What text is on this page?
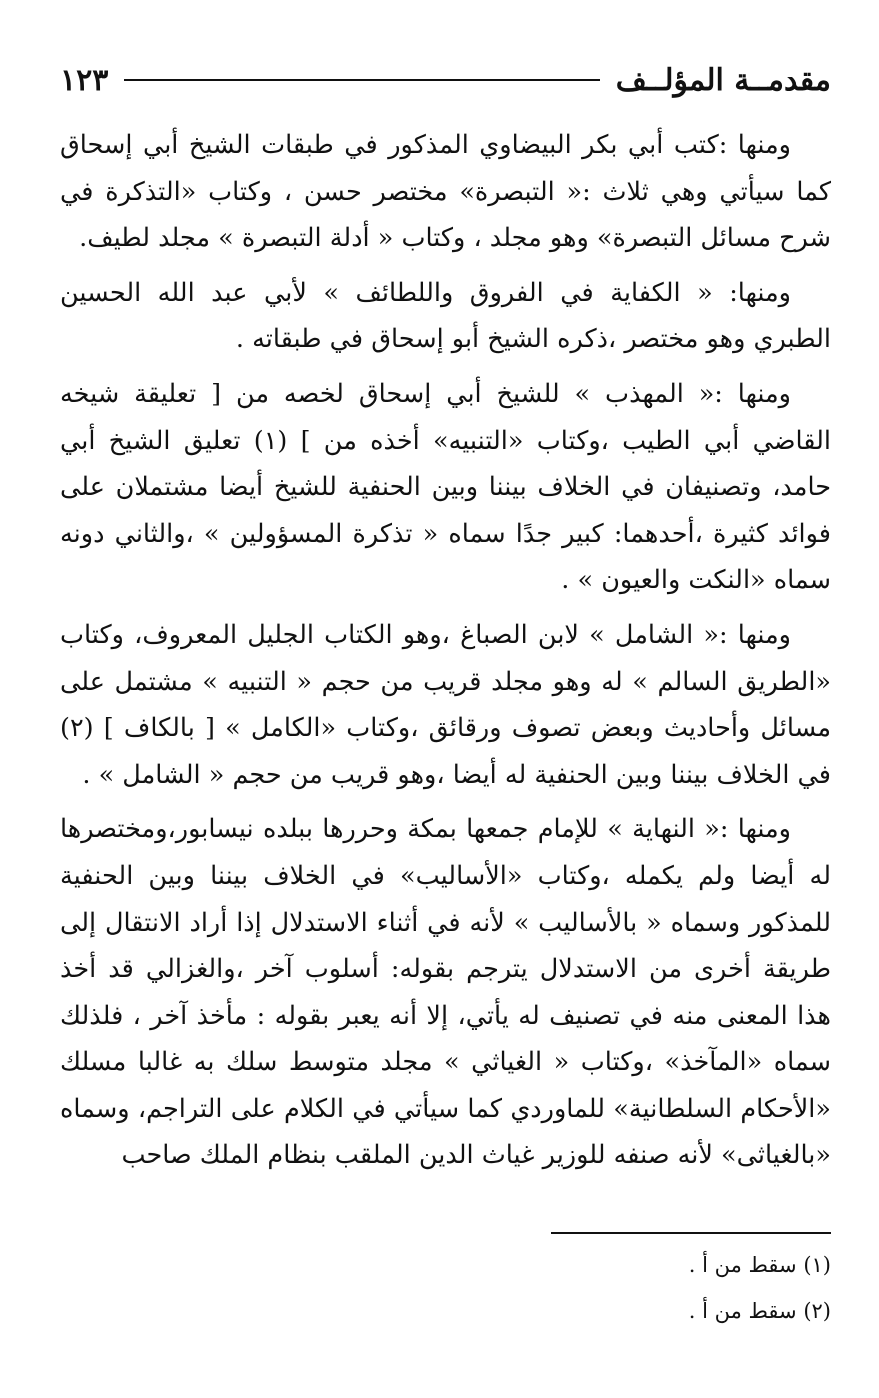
مقدمــة المؤلــف
١٢٣

ومنها :كتب أبي بكر البيضاوي المذكور في طبقات الشيخ أبي إسحاق كما سيأتي وهي ثلاث :« التبصرة» مختصر حسن ، وكتاب «التذكرة في شرح مسائل التبصرة» وهو مجلد ، وكتاب « أدلة التبصرة » مجلد لطيف.

ومنها: « الكفاية في الفروق واللطائف » لأبي عبد الله الحسين الطبري وهو مختصر ،ذكره الشيخ أبو إسحاق في طبقاته .

ومنها :« المهذب » للشيخ أبي إسحاق لخصه من [ تعليقة شيخه القاضي أبي الطيب ،وكتاب «التنبيه» أخذه من ] (١) تعليق الشيخ أبي حامد، وتصنيفان في الخلاف بيننا وبين الحنفية للشيخ أيضا مشتملان على فوائد كثيرة ،أحدهما: كبير جدًا سماه « تذكرة المسؤولين » ،والثاني دونه سماه «النكت والعيون » .

ومنها :« الشامل » لابن الصباغ ،وهو الكتاب الجليل المعروف، وكتاب «الطريق السالم » له وهو مجلد قريب من حجم « التنبيه » مشتمل على مسائل وأحاديث وبعض تصوف ورقائق ،وكتاب «الكامل » [ بالكاف ] (٢) في الخلاف بيننا وبين الحنفية له أيضا ،وهو قريب من حجم « الشامل » .

ومنها :« النهاية » للإمام جمعها بمكة وحررها ببلده نيسابور،ومختصرها له أيضا ولم يكمله ،وكتاب «الأساليب» في الخلاف بيننا وبين الحنفية للمذكور وسماه « بالأساليب » لأنه في أثناء الاستدلال إذا أراد الانتقال إلى طريقة أخرى من الاستدلال يترجم بقوله: أسلوب آخر ،والغزالي قد أخذ هذا المعنى منه في تصنيف له يأتي، إلا أنه يعبر بقوله : مأخذ آخر ، فلذلك سماه «المآخذ» ،وكتاب « الغياثي » مجلد متوسط سلك به غالبا مسلك «الأحكام السلطانية» للماوردي كما سيأتي في الكلام على التراجم، وسماه «بالغياثى» لأنه صنفه للوزير غياث الدين الملقب بنظام الملك صاحب

(١) سقط من أ .

(٢) سقط من أ .
